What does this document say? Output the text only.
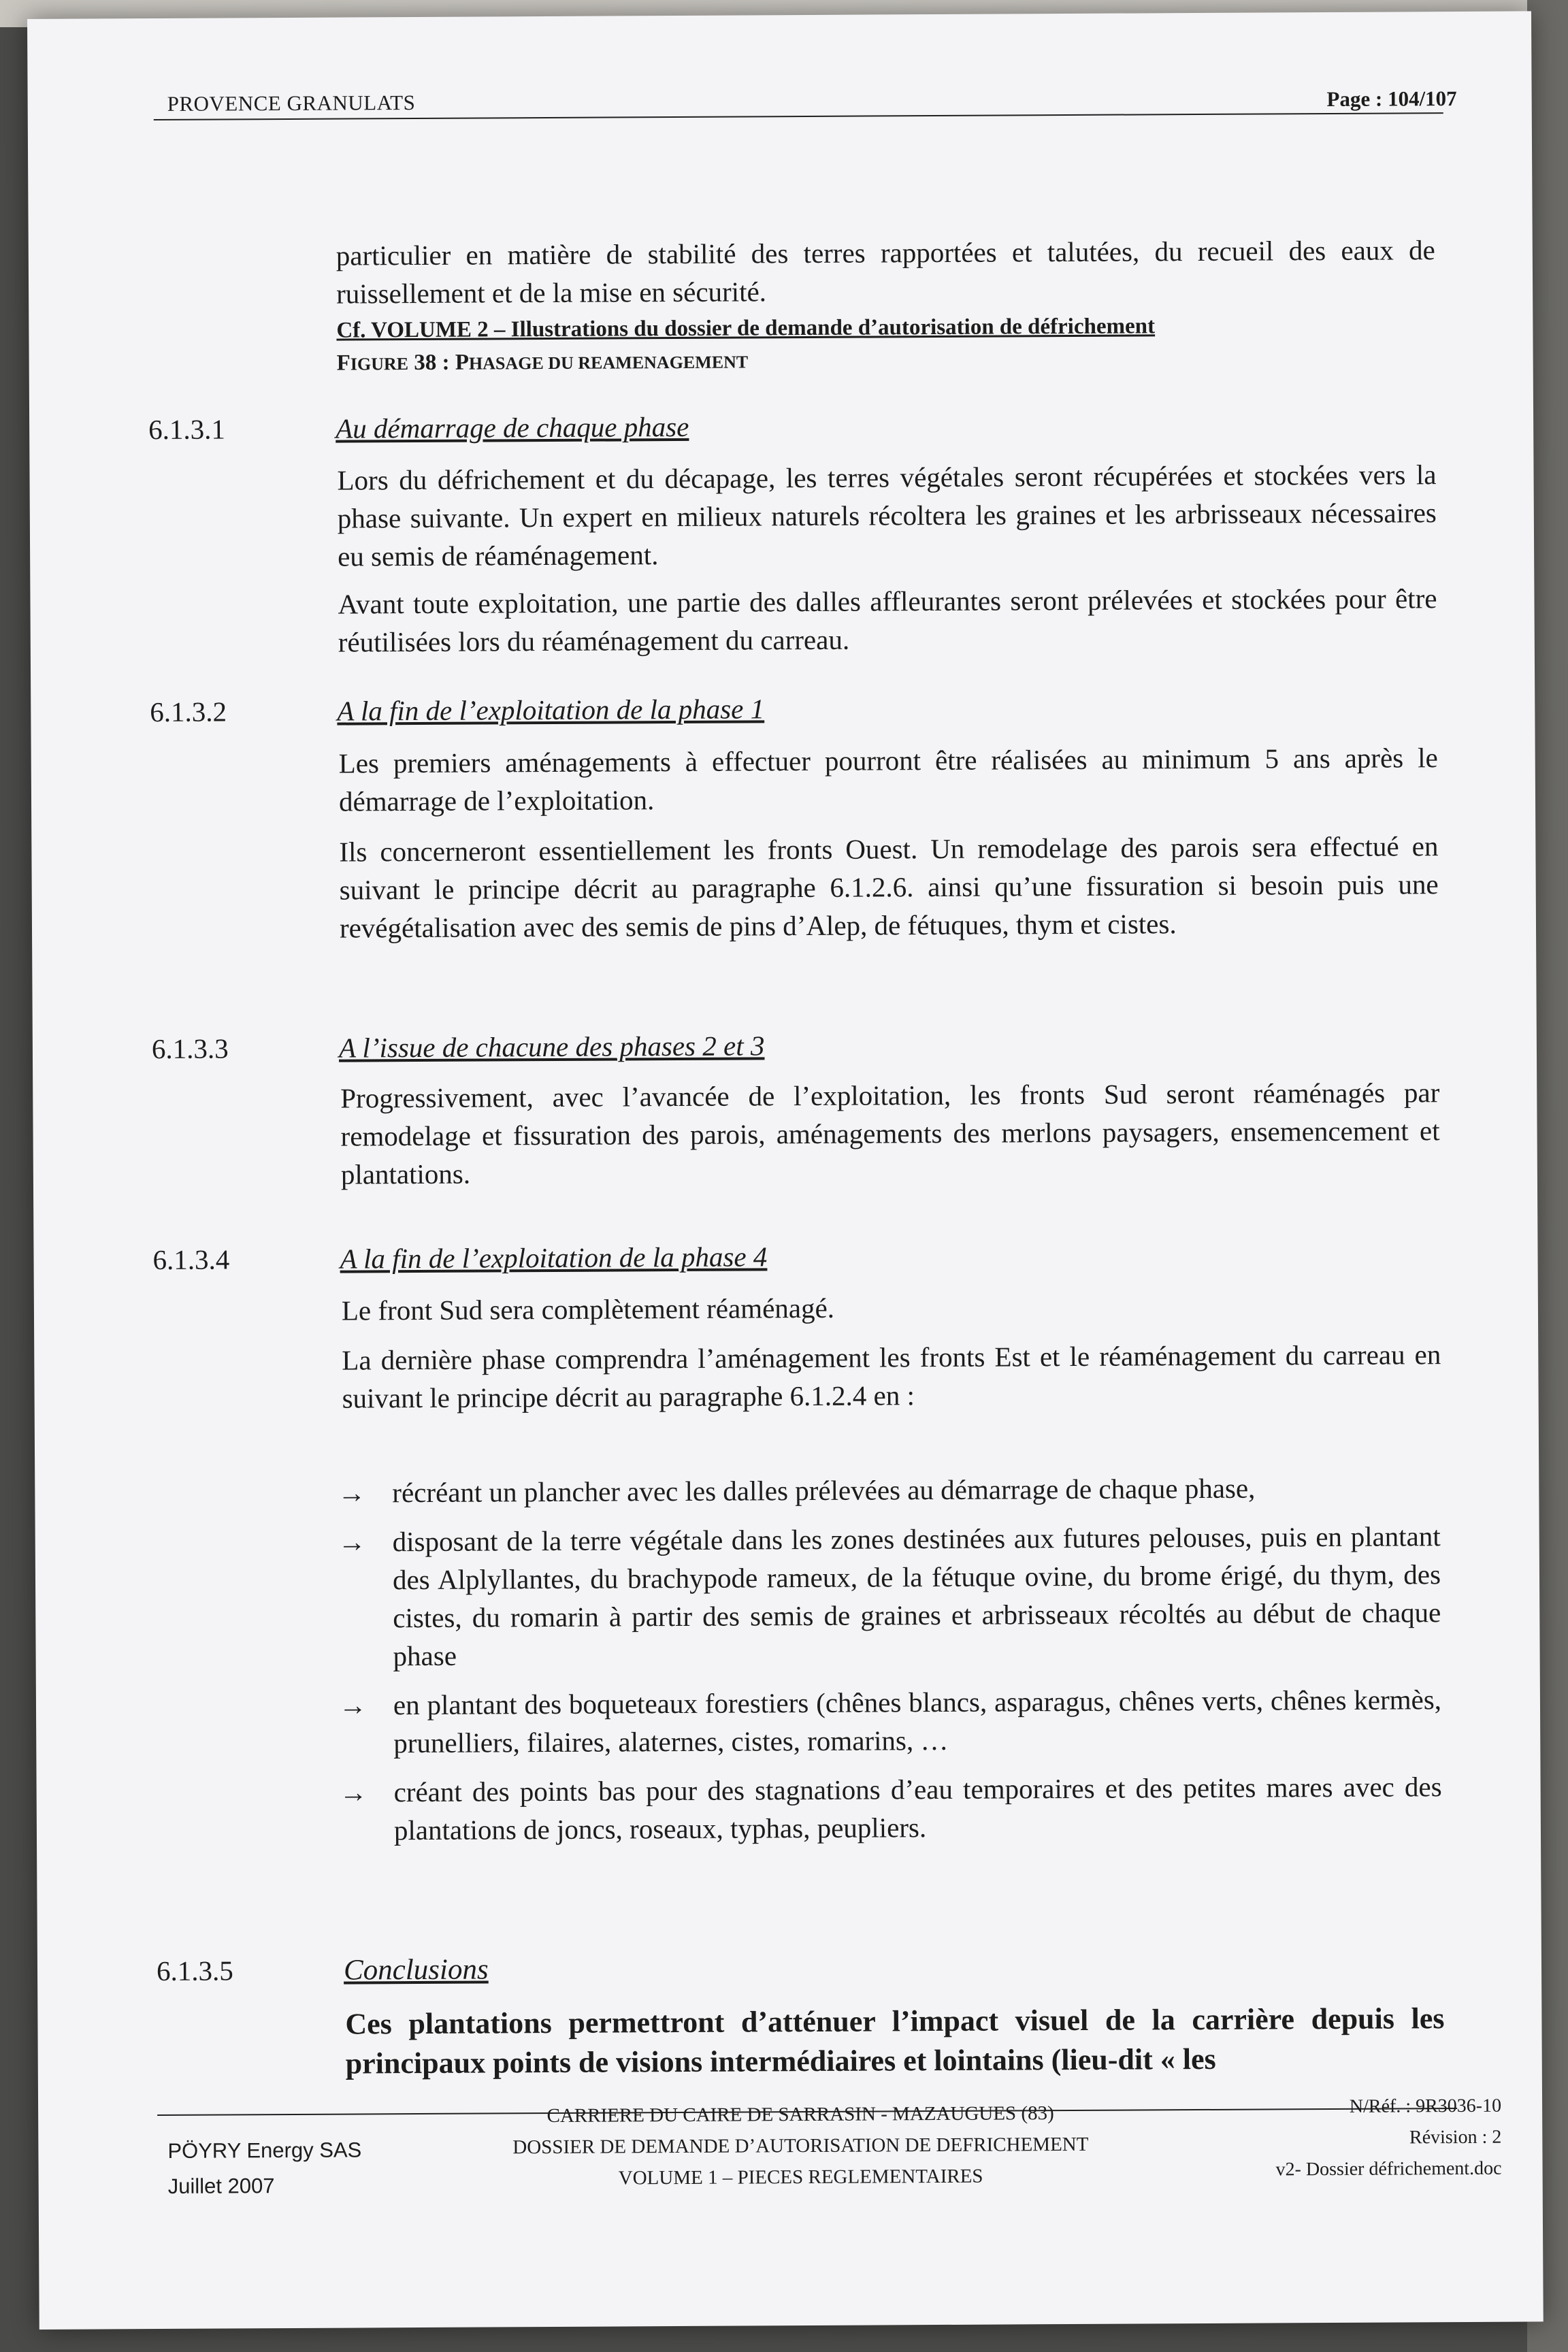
PROVENCE GRANULATS	Page : 104/107
particulier en matière de stabilité des terres rapportées et talutées, du recueil des eaux de ruissellement et de la mise en sécurité.
Cf. VOLUME 2 – Illustrations du dossier de demande d’autorisation de défrichement
FIGURE 38 : PHASAGE DU REAMENAGEMENT
6.1.3.1	Au démarrage de chaque phase
Lors du défrichement et du décapage, les terres végétales seront récupérées et stockées vers la phase suivante. Un expert en milieux naturels récoltera les graines et les arbrisseaux nécessaires eu semis de réaménagement.
Avant toute exploitation, une partie des dalles affleurantes seront prélevées et stockées pour être réutilisées lors du réaménagement du carreau.
6.1.3.2	A la fin de l’exploitation de la phase 1
Les premiers aménagements à effectuer pourront être réalisées au minimum 5 ans après le démarrage de l’exploitation.
Ils concerneront essentiellement les fronts Ouest. Un remodelage des parois sera effectué en suivant le principe décrit au paragraphe 6.1.2.6. ainsi qu’une fissuration si besoin puis une revégétalisation avec des semis de pins d’Alep, de fétuques, thym et cistes.
6.1.3.3	A l’issue de chacune des phases 2 et 3
Progressivement, avec l’avancée de l’exploitation, les fronts Sud seront réaménagés par remodelage et fissuration des parois, aménagements des merlons paysagers, ensemencement et plantations.
6.1.3.4	A la fin de l’exploitation de la phase 4
Le front Sud sera complètement réaménagé.
La dernière phase comprendra l’aménagement les fronts Est et le réaménagement du carreau en suivant le principe décrit au paragraphe 6.1.2.4 en :
→ récréant un plancher avec les dalles prélevées au démarrage de chaque phase,
→ disposant de la terre végétale dans les zones destinées aux futures pelouses, puis en plantant des Alplyllantes, du brachypode rameux, de la fétuque ovine, du brome érigé, du thym, des cistes, du romarin à partir des semis de graines et arbrisseaux récoltés au début de chaque phase
→ en plantant des boqueteaux forestiers (chênes blancs, asparagus, chênes verts, chênes kermès, prunelliers, filaires, alaternes, cistes, romarins, …
→ créant des points bas pour des stagnations d’eau temporaires et des petites mares avec des plantations de joncs, roseaux, typhas, peupliers.
6.1.3.5	Conclusions
Ces plantations permettront d’atténuer l’impact visuel de la carrière depuis les principaux points de visions intermédiaires et lointains (lieu-dit « les
PÖYRY Energy SAS
Juillet 2007
CARRIERE DU CAIRE DE SARRASIN - MAZAUGUES (83)
DOSSIER DE DEMANDE D’AUTORISATION DE DEFRICHEMENT
VOLUME 1 – PIECES REGLEMENTAIRES
N/Réf. : 9R3036-10
Révision : 2
v2- Dossier défrichement.doc
